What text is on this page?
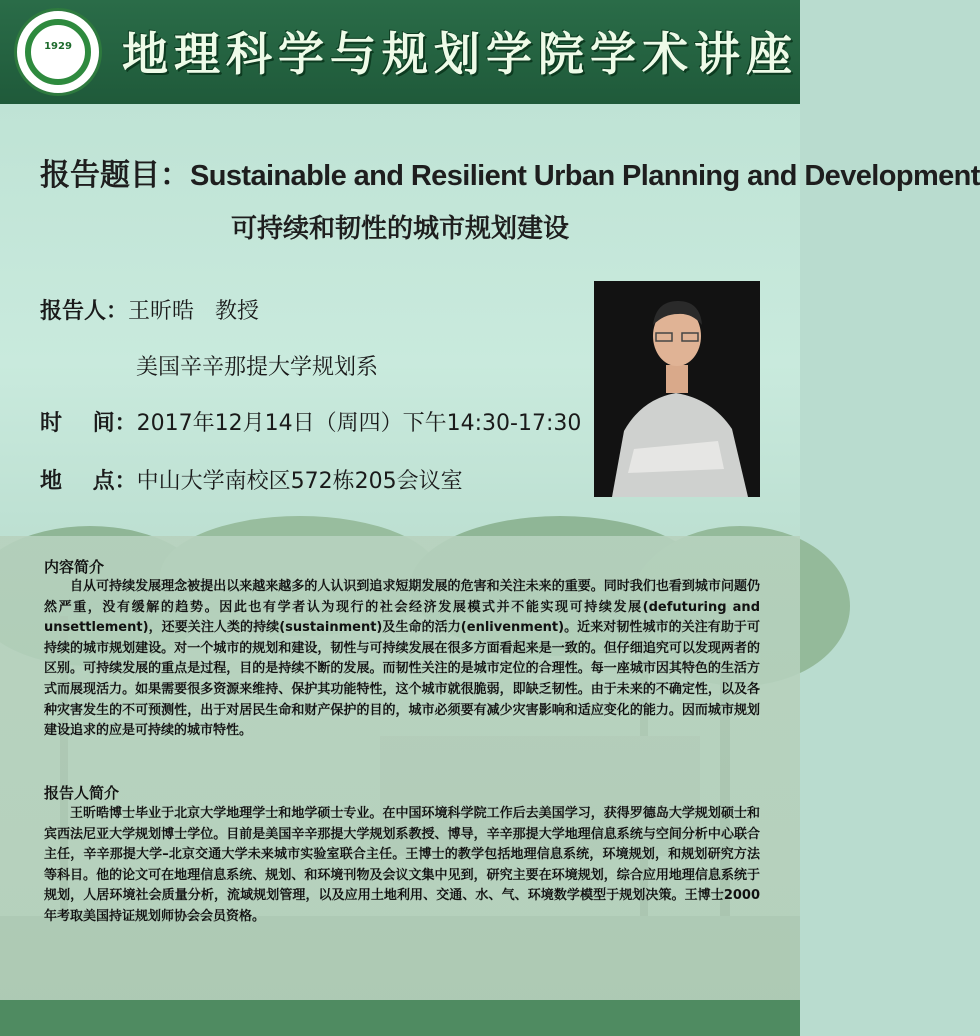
1929	地理科学与规划学院学术讲座
报告题目：Sustainable and Resilient Urban Planning and Development
可持续和韧性的城市规划建设
报告人：王昕晧   教授
美国辛辛那提大学规划系
时    间：2017年12月14日（周四）下午14:30-17:30
地    点：中山大学南校区572栋205会议室
内容简介

自从可持续发展理念被提出以来越来越多的人认识到追求短期发展的危害和关注未来的重要。同时我们也看到城市问题仍然严重，没有缓解的趋势。因此也有学者认为现行的社会经济发展模式并不能实现可持续发展(defuturing and unsettlement)，还要关注人类的持续(sustainment)及生命的活力(enlivenment)。近来对韧性城市的关注有助于可持续的城市规划建设。对一个城市的规划和建设，韧性与可持续发展在很多方面看起来是一致的。但仔细追究可以发现两者的区别。可持续发展的重点是过程，目的是持续不断的发展。而韧性关注的是城市定位的合理性。每一座城市因其特色的生活方式而展现活力。如果需要很多资源来维持、保护其功能特性，这个城市就很脆弱，即缺乏韧性。由于未来的不确定性，以及各种灾害发生的不可预测性，出于对居民生命和财产保护的目的，城市必须要有减少灾害影响和适应变化的能力。因而城市规划建设追求的应是可持续的城市特性。

报告人简介

王昕晧博士毕业于北京大学地理学士和地学硕士专业。在中国环境科学院工作后去美国学习，获得罗德岛大学规划硕士和宾西法尼亚大学规划博士学位。目前是美国辛辛那提大学规划系教授、博导，辛辛那提大学地理信息系统与空间分析中心联合主任，辛辛那提大学–北京交通大学未来城市实验室联合主任。王博士的教学包括地理信息系统，环境规划，和规划研究方法等科目。他的论文可在地理信息系统、规划、和环境刊物及会议文集中见到，研究主要在环境规划，综合应用地理信息系统于规划，人居环境社会质量分析，流域规划管理，以及应用土地利用、交通、水、气、环境数学模型于规划决策。王博士2000年考取美国持证规划师协会会员资格。
